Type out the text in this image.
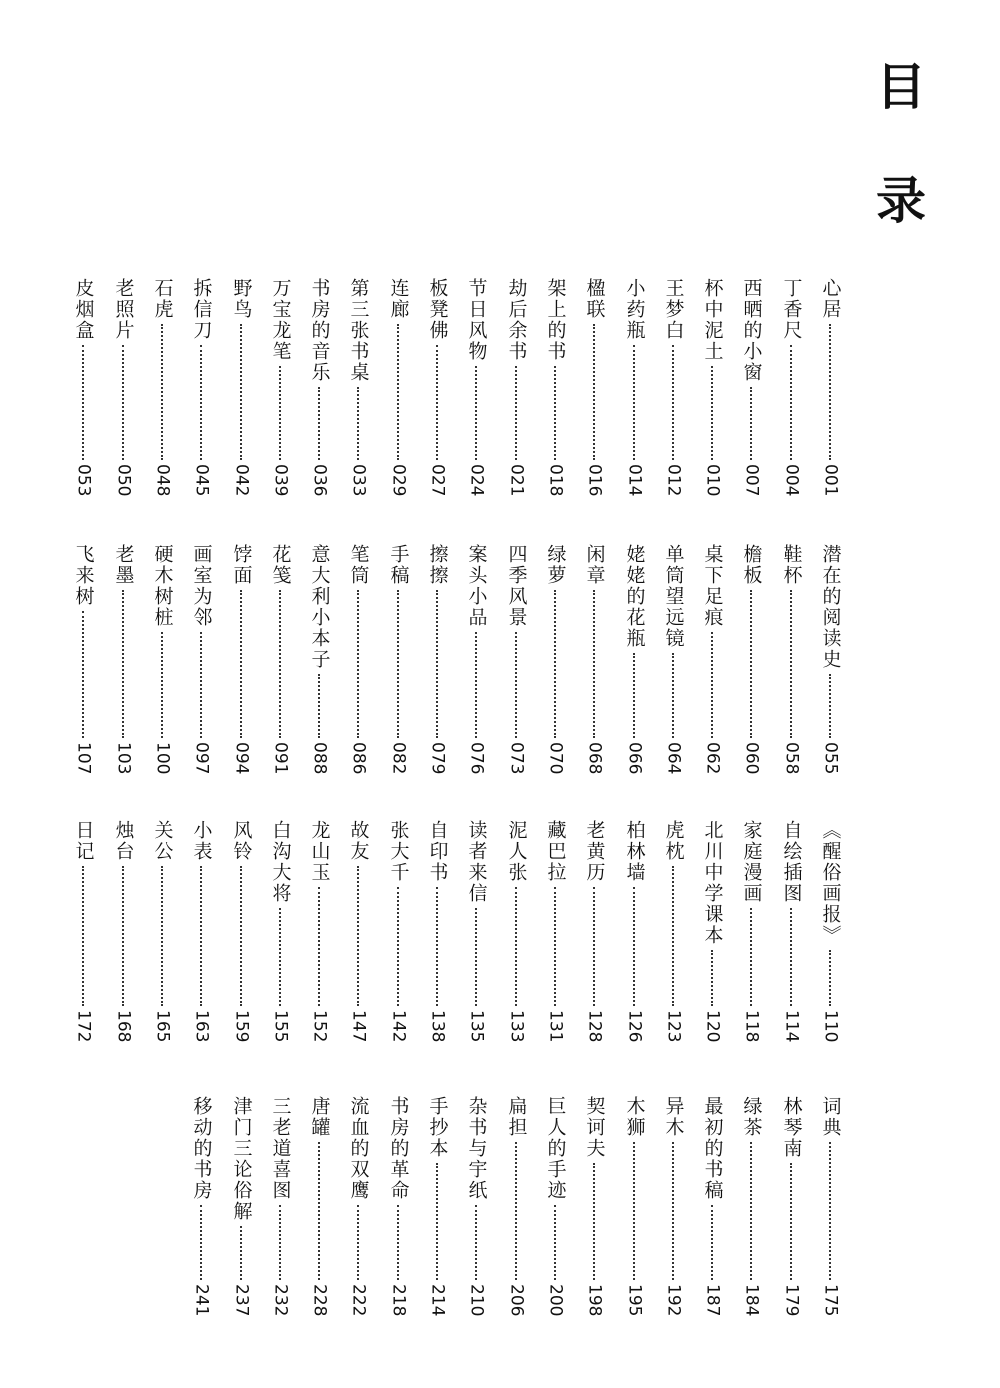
目
录
心居
001
丁香尺
004
西晒的小窗
007
杯中泥土
010
王梦白
012
小药瓶
014
楹联
016
架上的书
018
劫后余书
021
节日风物
024
板凳佛
027
连廊
029
第三张书桌
033
书房的音乐
036
万宝龙笔
039
野鸟
042
拆信刀
045
石虎
048
老照片
050
皮烟盒
053
潜在的阅读史
055
鞋杯
058
檐板
060
桌下足痕
062
单筒望远镜
064
姥姥的花瓶
066
闲章
068
绿萝
070
四季风景
073
案头小品
076
擦擦
079
手稿
082
笔筒
086
意大利小本子
088
花笺
091
饽面
094
画室为邻
097
硬木树桩
100
老墨
103
飞来树
107
《醒俗画报》
110
自绘插图
114
家庭漫画
118
北川中学课本
120
虎枕
123
柏林墙
126
老黄历
128
藏巴拉
131
泥人张
133
读者来信
135
自印书
138
张大千
142
故友
147
龙山玉
152
白沟大将
155
风铃
159
小表
163
关公
165
烛台
168
日记
172
词典
175
林琴南
179
绿茶
184
最初的书稿
187
异木
192
木狮
195
契诃夫
198
巨人的手迹
200
扁担
206
杂书与宇纸
210
手抄本
214
书房的革命
218
流血的双鹰
222
唐罐
228
三老道喜图
232
津门三论俗解
237
移动的书房
241
